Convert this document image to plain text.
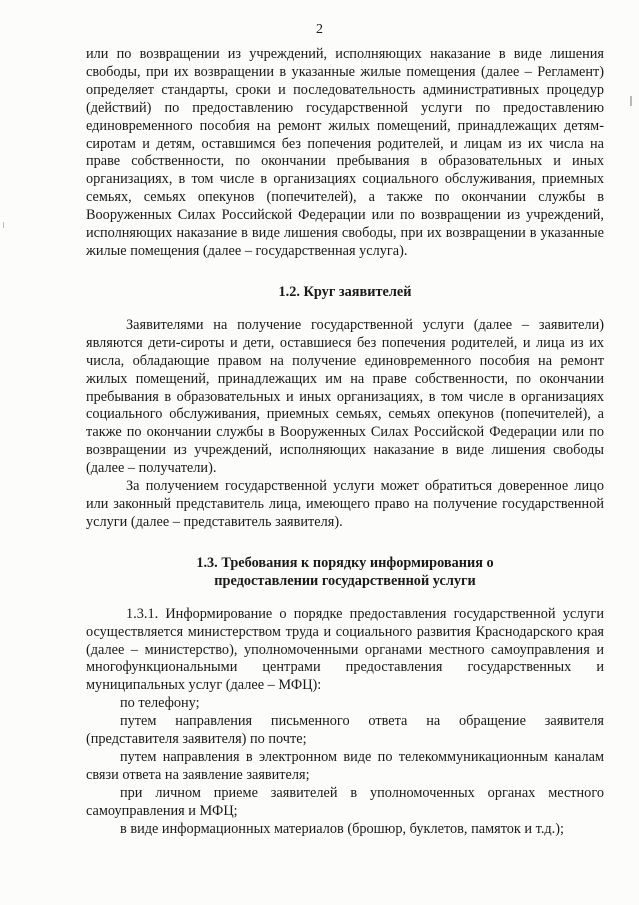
2

или по возвращении из учреждений, исполняющих наказание в виде лишения свободы, при их возвращении в указанные жилые помещения (далее – Регламент) определяет стандарты, сроки и последовательность административных процедур (действий) по предоставлению государственной услуги по предоставлению единовременного пособия на ремонт жилых помещений, принадлежащих детям-сиротам и детям, оставшимся без попечения родителей, и лицам из их числа на праве собственности, по окончании пребывания в образовательных и иных организациях, в том числе в организациях социального обслуживания, приемных семьях, семьях опекунов (попечителей), а также по окончании службы в Вооруженных Силах Российской Федерации или по возвращении из учреждений, исполняющих наказание в виде лишения свободы, при их возвращении в указанные жилые помещения (далее – государственная услуга).

1.2. Круг заявителей

Заявителями на получение государственной услуги (далее – заявители) являются дети-сироты и дети, оставшиеся без попечения родителей, и лица из их числа, обладающие правом на получение единовременного пособия на ремонт жилых помещений, принадлежащих им на праве собственности, по окончании пребывания в образовательных и иных организациях, в том числе в организациях социального обслуживания, приемных семьях, семьях опекунов (попечителей), а также по окончании службы в Вооруженных Силах Российской Федерации или по возвращении из учреждений, исполняющих наказание в виде лишения свободы (далее – получатели).

За получением государственной услуги может обратиться доверенное лицо или законный представитель лица, имеющего право на получение государственной услуги (далее – представитель заявителя).

1.3. Требования к порядку информирования о
предоставлении государственной услуги

1.3.1. Информирование о порядке предоставления государственной услуги осуществляется министерством труда и социального развития Краснодарского края (далее – министерство), уполномоченными органами местного самоуправления и многофункциональными центрами предоставления государственных и муниципальных услуг (далее – МФЦ):

по телефону;

путем направления письменного ответа на обращение заявителя (представителя заявителя) по почте;

путем направления в электронном виде по телекоммуникационным каналам связи ответа на заявление заявителя;

при личном приеме заявителей в уполномоченных органах местного самоуправления и МФЦ;

в виде информационных материалов (брошюр, буклетов, памяток и т.д.);
